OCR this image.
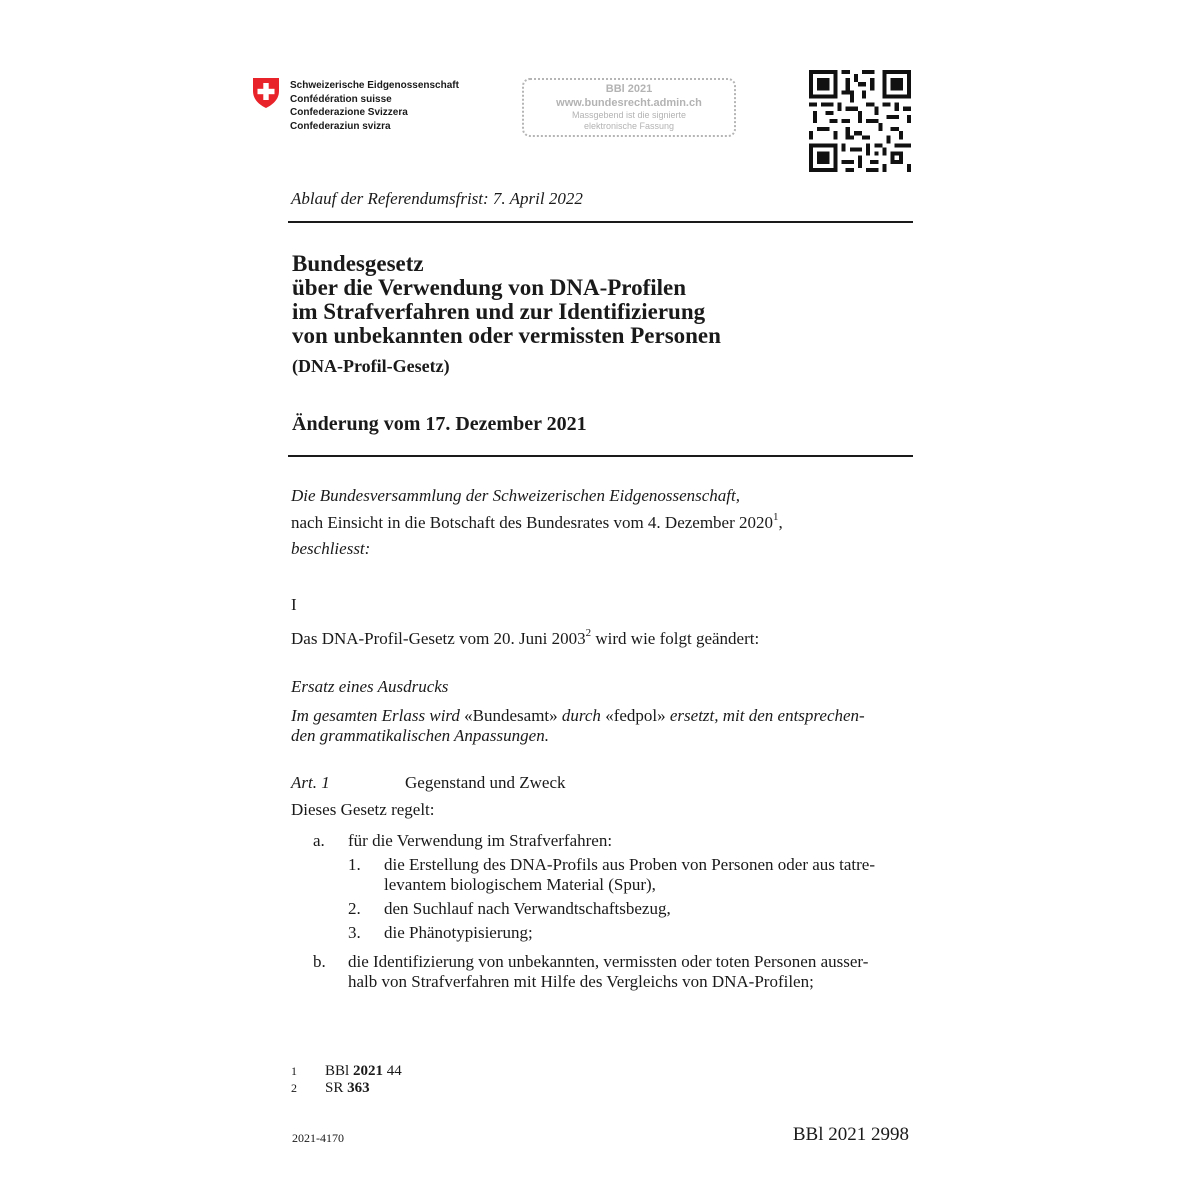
Schweizerische Eidgenossenschaft
Confédération suisse
Confederazione Svizzera
Confederaziun svizra
BBl 2021
www.bundesrecht.admin.ch
Massgebend ist die signierte
elektronische Fassung
Ablauf der Referendumsfrist: 7. April 2022
Bundesgesetz
über die Verwendung von DNA-Profilen
im Strafverfahren und zur Identifizierung
von unbekannten oder vermissten Personen
(DNA-Profil-Gesetz)
Änderung vom 17. Dezember 2021
Die Bundesversammlung der Schweizerischen Eidgenossenschaft,
nach Einsicht in die Botschaft des Bundesrates vom 4. Dezember 2020$^1$,
beschliesst:
I
Das DNA-Profil-Gesetz vom 20. Juni 2003$^2$ wird wie folgt geändert:
Ersatz eines Ausdrucks
Im gesamten Erlass wird «Bundesamt» durch «fedpol» ersetzt, mit den entsprechen-
den grammatikalischen Anpassungen.
Art. 1	Gegenstand und Zweck
Dieses Gesetz regelt:
a. für die Verwendung im Strafverfahren:
1. die Erstellung des DNA-Profils aus Proben von Personen oder aus tatre-
levantem biologischem Material (Spur),
2. den Suchlauf nach Verwandtschaftsbezug,
3. die Phänotypisierung;
b. die Identifizierung von unbekannten, vermissten oder toten Personen ausser-
halb von Strafverfahren mit Hilfe des Vergleichs von DNA-Profilen;
1 BBl 2021 44
2 SR 363
2021-4170	BBl 2021 2998
